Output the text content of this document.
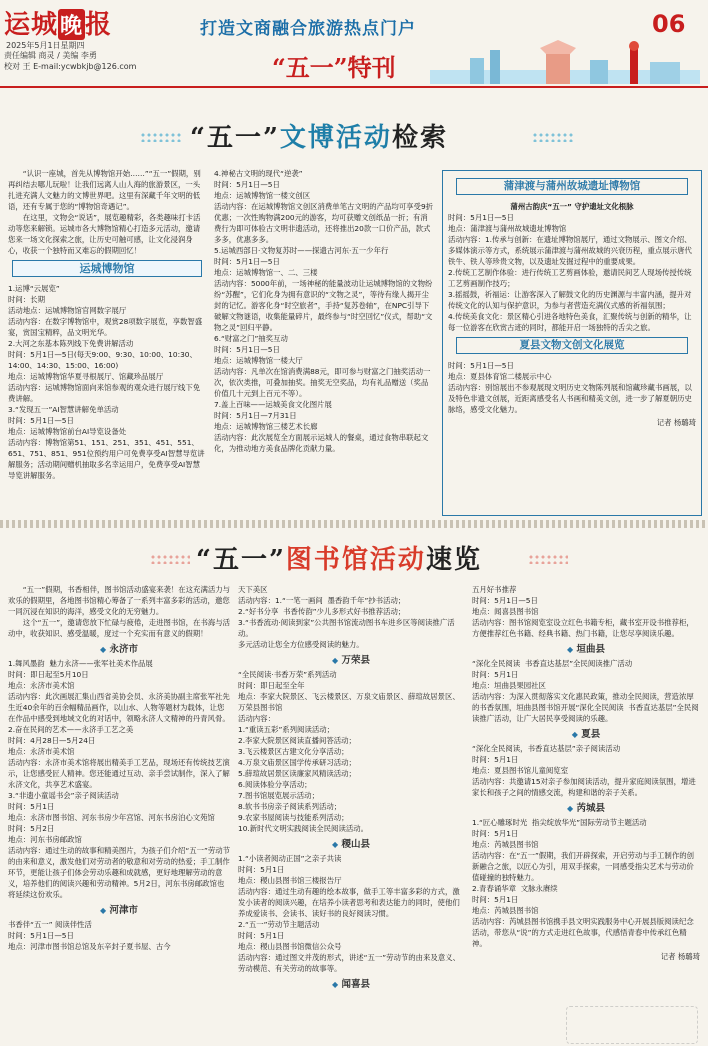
运城晚报
2025年5月1日星期四
责任编辑 商灵 / 美编 李勇
校对 王 E-mail:ycwbkjb@126.com
打造文商融合旅游热点门户	06
“五一”特刊
“五一”文博活动检索

“认识一座城，首先从博物馆开始……”“五一”假期，别再纠结去哪儿玩啦！让我们远离人山人海的旅游景区，一头扎进充满人文魅力的文博世界吧。这里有深藏千年文明的低语，还有专属于您的“博物馆奇遇记”。

在这里，文物会“说话”，展览趣精彩，各类趣味打卡活动等您来解锁。运城市各大博物馆精心打造多元活动，邀请您来一场文化探索之旅，让历史可触可感，让文化浸润身心，收获一个独特而又难忘的假期回忆！

运城博物馆

1.运博“云展览”

时间：长期

活动地点：运城博物馆官网数字展厅

活动内容：在数字博物馆中，观赏28项数字展览，享数智盛宴，赏国宝精粹，品文明光华。

2.大河之东基本陈列线下免费讲解活动

时间：5月1日—5日(每天9:00、9:30、10:00、10:30、14:00、14:30、15:00、16:00)

地点：运城博物馆华夏寻根展厅、馆藏珍品展厅

活动内容：运城博物馆面向来馆参观的观众进行展厅线下免费讲解。

3.“发现五一”AI智慧讲解免单活动

时间：5月1日—5日

地点：运城博物馆前台AI导览设备处

活动内容：博物馆第51、151、251、351、451、551、651、751、851、951位预约用户可免费享受AI智慧导览讲解服务；活动期间赠机抽取多名幸运用户，免费享受AI智慧导览讲解服务。

4.神秘古文明的现代“逆袭”

时间：5月1日—5日

地点：运城博物馆一楼文创区

活动内容：在运城博物馆文创区消费单笔古文明的产品均可享受9折优惠；一次性购物满200元的游客，均可获赠文创纸品一折；有消费行为即可体验古文明非遗活动，还将推出20款一口价产品，款式多多，优惠多多。

5.运城西部日·文物复苏时——探遗古河东·五一少年行

时间：5月1日—5日

地点：运城博物馆一、二、三楼

活动内容：5000年前，一场神秘的能量波动让运城博物馆的文物纷纷“苏醒”，它们化身为拥有意识的“文物之灵”，等待有缘人揭开尘封的记忆。游客化身“时空旅者”，手持“复苏卷轴”，在NPC引导下破解文物谜语，收集能量碎片，最终参与“时空回忆”仪式，帮助“文物之灵”回归平静。

6.“财富之门”抽奖互动

时间：5月1日—5日

地点：运城博物馆一楼大厅

活动内容：凡单次在馆消费满88元，即可参与财富之门抽奖活动一次，依次类推，可叠加抽奖。抽奖无空奖品，均有礼品赠送（奖品价值几十元到上百元不等）。

7.盖上百味——运城美食文化图片展

时间：5月1日—7月31日

地点：运城博物馆三楼艺术长廊

活动内容：此次展览全方面展示运城人的餐桌，通过食物串联起文化，为推动地方美食品牌化贡献力量。

蒲津渡与蒲州故城遗址博物馆

蒲州古韵庆“五一” 守护遗址文化根脉

时间：5月1日—5日

地点：蒲津渡与蒲州故城遗址博物馆

活动内容：1.传承与创新：在遗址博物馆展厅，通过文物展示、图文介绍、多媒体演示等方式，系统展示蒲津渡与蒲州故城的兴衰历程，重点展示唐代铁牛、铁人等珍贵文物，以及遗址发掘过程中的重要成果。

2.传统工艺制作体验：进行传统工艺剪画体验，邀请民间艺人现场传授传统工艺剪画制作技巧；

3.摇摇鼓，祈福运：让游客深入了解鼓文化的历史渊源与丰富内涵，提升对传统文化的认知与保护意识，为参与者营造充满仪式感的祈福氛围；

4.传统美食文化：景区精心引进各地特色美食，汇聚传统与创新的精华，让每一位游客在欣赏古迹的同时，都能开启一场独特的舌尖之旅。

夏县文物文创文化展览

时间：5月1日—5日

地点：夏县体育馆二楼展示中心

活动内容：别馆展出不参观展现文明历史文物陈列展和馆藏珍藏书画展，以及特色非遗文创展，近距离感受名人书画和精美文创，进一步了解夏朝历史脉络，感受文化魅力。

记者 杨璐琦
“五一”图书馆活动速览

“五一”假期，书香相伴，图书馆活动盛宴来袭！在这充满活力与欢乐的假期里，各地图书馆精心筹备了一系列丰富多彩的活动，邀您一同沉浸在知识的海洋，感受文化的无穷魅力。

这个“五一”，邀请您放下忙碌与疲倦，走进图书馆，在书海与活动中，收获知识、感受温暖，度过一个充实而有意义的假期！

◆ 永济市

1.舞风墨韵  魅力永济——张军社美术作品展

时间：即日起至5月10日

地点：永济市美术馆

活动内容：此次画展汇集山西省美协会员、永济美协副主席张军社先生近40余年的百余幅精品画作，以山水、人物等题材为载体，让您在作品中感受到地域文化的对话中，领略永济人文精神的丹青风骨。

2.奋在民间的艺术——永济手工艺之美

时间：4月28日—5月24日

地点：永济市美术馆

活动内容：永济市美术馆将展出精美手工艺品，现场还有传统技艺演示，让您感受匠人精神。您还能通过互动、亲手尝试制作，深入了解永济文化，共享艺术盛宴。

3.“非遗小童谣书会”亲子阅读活动

时间：5月1日

地点：永济市图书馆、河东书房少年宫馆、河东书房泊心文苑馆

时间：5月2日

地点：河东书房邮政馆

活动内容：通过生动的故事和精美图片，为孩子们介绍“五一”劳动节的由来和意义，激发他们对劳动者的敬意和对劳动的热爱；手工制作环节，更能让孩子们体会劳动乐趣和成就感，更好地理解劳动的意义，培养他们的阅读兴趣和劳动精神。5月2日，河东书房邮政馆也将延续这份欢乐。

◆ 河津市

书香伴“五一” 阅读伴性活

时间：5月1日—5日

地点：河津市图书馆总馆及东辛封子夏书屋、古今

天下美区

活动内容：1.“一笔一画间  墨香韵千年”抄书活动；

2.“好书分享  书香传韵”少儿多形式好书推荐活动；

3.“书香流动·阅读到家”公共图书馆流动图书车进乡区等阅读推广活动。

多元活动让您全方位感受阅读的魅力。

◆ 万荣县

“全民阅读·书香万荣”系列活动

时间：即日起至全年

地点：李家大院景区、飞云楼景区、万泉文庙景区、薛瑄故居景区、万荣县图书馆

活动内容：

1.“重读五彩”系列阅读活动；

2.李家大院景区阅读直播间答活动；

3.飞云楼景区古建文化分享活动；

4.万泉文庙景区国学传承研习活动；

5.薛瑄故居景区读廉家风精读活动；

6.阅读体验分享活动；

7.图书馆展览展示活动；

8.软书书房亲子阅读系列活动；

9.农家书屋阅读与技能系列活动；

10.新时代文明实践阅读全民阅读活动。

◆ 稷山县

1.“小读者阅动正国”之亲子共读

时间：5月1日

地点：稷山县图书馆三楼报告厅

活动内容：通过生动有趣的绘本故事，做手工等丰富多彩的方式，激发小读者的阅读兴趣，在培养小读者思考和表达能力的同时，使他们养成爱读书、会读书、读好书的良好阅读习惯。

2.“五一”劳动节主题活动

时间：5月1日

地点：稷山县图书馆微信公众号

活动内容：通过图文并茂的形式，讲述“五一”劳动节的由来及意义、劳动模范、有关劳动的故事等。

◆ 闻喜县

五月好书推荐

时间：5月1日—5日

地点：闻喜县图书馆

活动内容：图书馆阅览室设立红色书籍专柜，藏书室开设书推荐柜，方便推荐红色书籍、经典书籍、热门书籍，让您尽享阅读乐趣。

◆ 垣曲县

“深化全民阅读  书香直达基层”全民阅读推广活动

时间：5月1日

地点：垣曲县果园社区

活动内容：为深入贯彻落实文化惠民政策，推动全民阅读，营造浓厚的书香氛围，垣曲县图书馆开展“深化全民阅读  书香直达基层”全民阅读推广活动，让广大居民享受阅读的乐趣。

◆ 夏县

“深化全民阅读，书香直达基层”亲子阅读活动

时间：5月1日

地点：夏县图书馆儿童阅览室

活动内容：共邀请15对亲子参加阅读活动，提升家庭阅读氛围，增进家长和孩子之间的情感交流，构建和谐的亲子关系。

◆ 芮城县

1.“匠心雕琢时光  指尖绽放华光”国际劳动节主题活动

时间：5月1日

地点：芮城县图书馆

活动内容：在“五一”假期，我们开辟探索，开启劳动与手工制作的创新融合之旅，以匠心为引，用双手探索，一同感受指尖艺术与劳动价值碰撞的独特魅力。

2.青春诵华章  文脉永赓续

时间：5月1日

地点：芮城县图书馆

活动内容：芮城县图书馆携手县文明实践服务中心开展县版阅读纪念活动，带您从“说”的方式走进红色故事，代感悟青春中传承红色精神。

记者 杨璐琦
